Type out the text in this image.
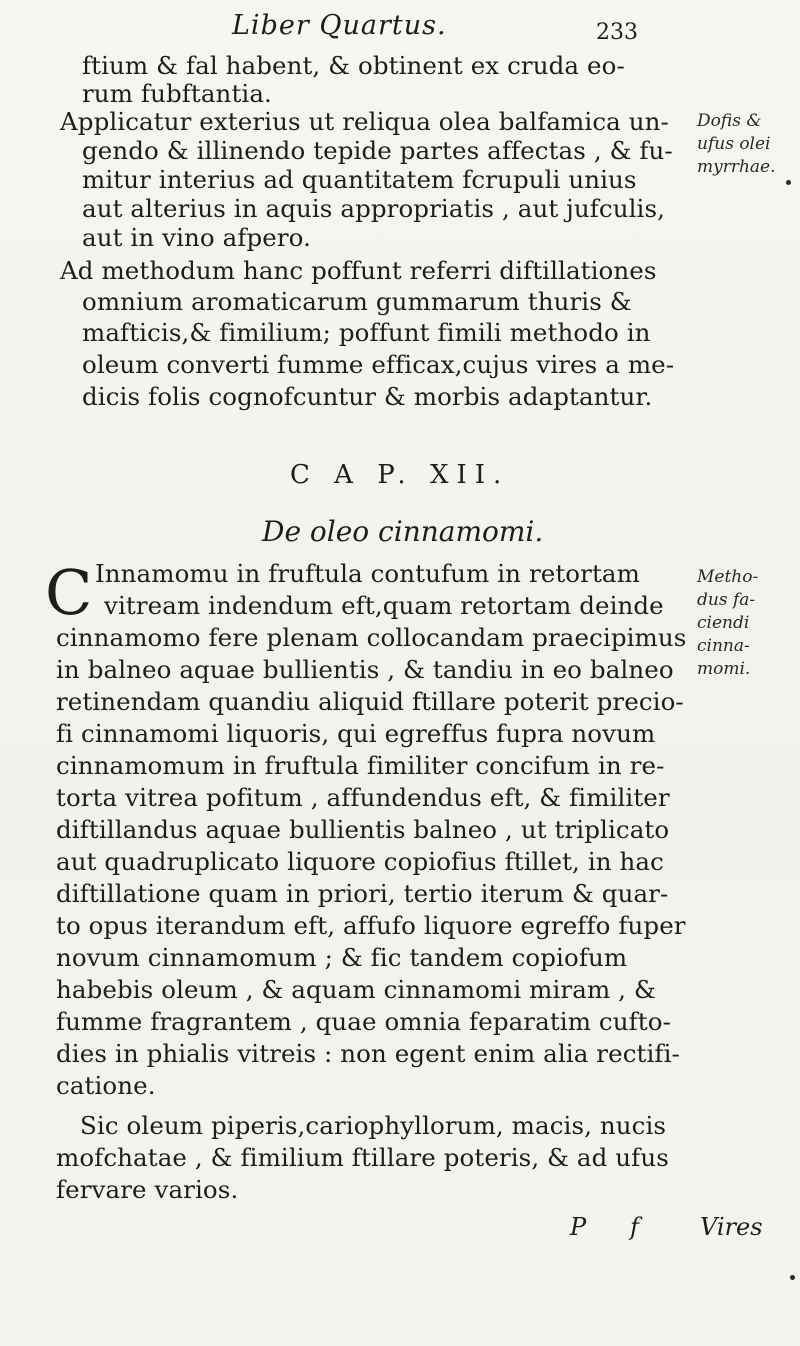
Liber Quartus.	233
ftium & fal habent, & obtinent ex cruda eo-
rum fubftantia.
Applicatur exterius ut reliqua olea balfamica un-
gendo & illinendo tepide partes affectas , & fu-
mitur interius ad quantitatem fcrupuli unius
aut alterius in aquis appropriatis , aut jufculis,
aut in vino afpero.
Ad methodum hanc poffunt referri diftillationes
omnium aromaticarum gummarum thuris &
mafticis,& fimilium; poffunt fimili methodo in
oleum converti fumme efficax,cujus vires a me-
dicis folis cognofcuntur & morbis adaptantur.
C A P. XII.
De oleo cinnamomi.
C Innamomu in fruftula contufum in retortam
vitream indendum eft,quam retortam deinde
cinnamomo fere plenam collocandam praecipimus
in balneo aquae bullientis , & tandiu in eo balneo
retinendam quandiu aliquid ftillare poterit precio-
fi cinnamomi liquoris, qui egreffus fupra novum
cinnamomum in fruftula fimiliter concifum in re-
torta vitrea pofitum , affundendus eft, & fimiliter
diftillandus aquae bullientis balneo , ut triplicato
aut quadruplicato liquore copiofius ftillet, in hac
diftillatione quam in priori, tertio iterum & quar-
to opus iterandum eft, affufo liquore egreffo fuper
novum cinnamomum ; & fic tandem copiofum
habebis oleum , & aquam cinnamomi miram , &
fumme fragrantem , quae omnia feparatim cufto-
dies in phialis vitreis : non egent enim alia rectifi-
catione.
Sic oleum piperis,cariophyllorum, macis, nucis
mofchatae , & fimilium ftillare poteris, & ad ufus
fervare varios.
Dofis &
ufus olei
myrrhae.
Metho-
dus fa-
ciendi
cinna-
momi.
P f	Vires
